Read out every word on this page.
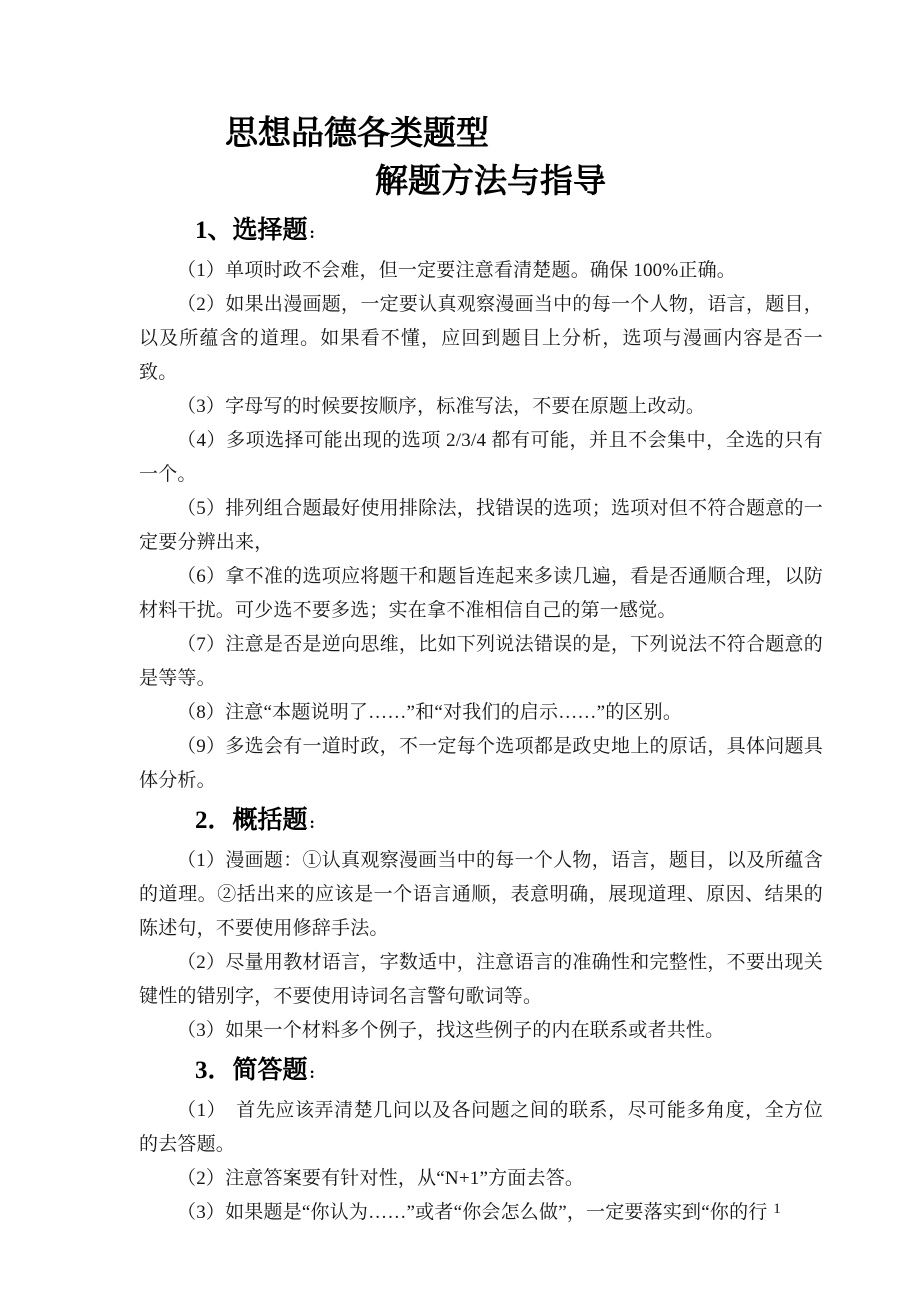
思想品德各类题型
解题方法与指导
1、选择题 :
（1）单项时政不会难，但一定要注意看清楚题。确保 100%正确。
（2）如果出漫画题，一定要认真观察漫画当中的每一个人物，语言，题目，以及所蕴含的道理。如果看不懂，应回到题目上分析，选项与漫画内容是否一致。
（3）字母写的时候要按顺序，标准写法，不要在原题上改动。
（4）多项选择可能出现的选项 2/3/4 都有可能，并且不会集中，全选的只有一个。
（5）排列组合题最好使用排除法，找错误的选项；选项对但不符合题意的一定要分辨出来，
（6）拿不准的选项应将题干和题旨连起来多读几遍，看是否通顺合理，以防材料干扰。可少选不要多选；实在拿不准相信自己的第一感觉。
（7）注意是否是逆向思维，比如下列说法错误的是，下列说法不符合题意的是等等。
（8）注意“本题说明了……”和“对我们的启示……”的区别。
（9）多选会有一道时政，不一定每个选项都是政史地上的原话，具体问题具体分析。
2．概括题 :
（1）漫画题：①认真观察漫画当中的每一个人物，语言，题目，以及所蕴含的道理。②括出来的应该是一个语言通顺，表意明确，展现道理、原因、结果的陈述句，不要使用修辞手法。
（2）尽量用教材语言，字数适中，注意语言的准确性和完整性，不要出现关键性的错别字，不要使用诗词名言警句歌词等。
（3）如果一个材料多个例子，找这些例子的内在联系或者共性。
3．简答题 :
（1）　首先应该弄清楚几问以及各问题之间的联系，尽可能多角度，全方位的去答题。
（2）注意答案要有针对性，从“N+1”方面去答。
（3）如果题是“你认为……”或者“你会怎么做”，一定要落实到“你的行 1
